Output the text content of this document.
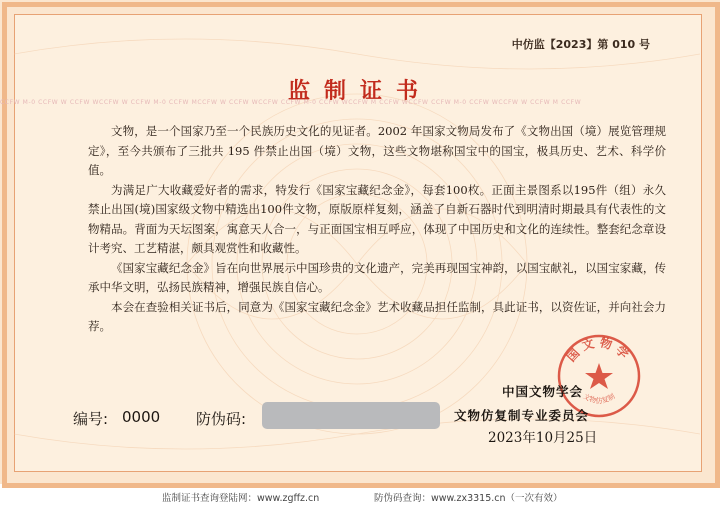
CCFW M-0 CCFW W CCFW WCCFW W CCFW M-0 CCFW MCCFW W CCFW WCCFW CCFW M-0 CCFW WCCFW M CCFW WCCFW CCFW M-0 CCFW WCCFW W CCFW M CCFW
中仿监【2023】第 010 号
监制证书

文物，是一个国家乃至一个民族历史文化的见证者。2002 年国家文物局发布了《文物出国（境）展览管理规定》，至今共颁布了三批共 195 件禁止出国（境）文物，这些文物堪称国宝中的国宝，极具历史、艺术、科学价值。

为满足广大收藏爱好者的需求，特发行《国家宝藏纪念金》，每套100枚。正面主景图系以195件（组）永久禁止出国(境)国家级文物中精选出100件文物，原版原样复刻，涵盖了自新石器时代到明清时期最具有代表性的文物精品。背面为天坛图案，寓意天人合一，与正面国宝相互呼应，体现了中国历史和文化的连续性。整套纪念章设计考究、工艺精湛，颇具观赏性和收藏性。

《国家宝藏纪念金》旨在向世界展示中国珍贵的文化遗产，完美再现国宝神韵，以国宝献礼，以国宝家藏，传承中华文明，弘扬民族精神，增强民族自信心。

本会在查验相关证书后，同意为《国家宝藏纪念金》艺术收藏品担任监制，具此证书，以资佐证，并向社会力荐。

国文物学
文物仿复制
中国文物学会
文物仿复制专业委员会
2023年10月25日
编号: 0000 防伪码:
监制证书查询登陆网：www.zgffz.cn	防伪码查询：www.zx3315.cn（一次有效）
